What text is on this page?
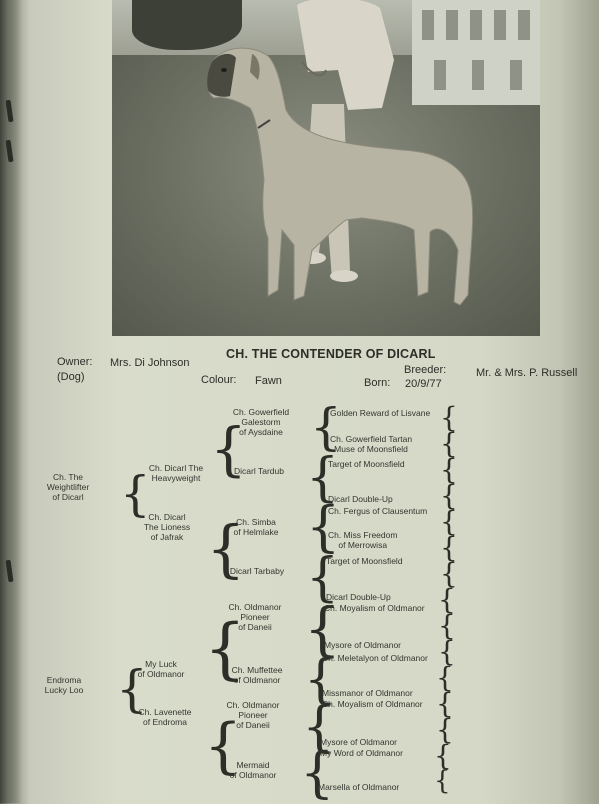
CH. THE CONTENDER OF DICARL
Owner: Mrs. Di Johnson
(Dog)	Colour: Fawn	Born: 20/9/77
Breeder:	Mr. & Mrs. P. Russell
Ch. The
Weightlifter
of Dicarl
Endroma
Lucky Loo
{
{
Ch. Dicarl The
Heavyweight
Ch. Dicarl
The Lioness
of Jafrak
My Luck
of Oldmanor
Ch. Lavenette
of Endroma
{
{
{
{
Ch. Gowerfield
Galestorm
of Aysdaine
Dicarl Tardub
Ch. Simba
of Helmlake
Dicarl Tarbaby
Ch. Oldmanor
Pioneer
of Daneii
Ch. Muffettee
of Oldmanor
Ch. Oldmanor
Pioneer
of Daneii
Mermaid
of Oldmanor
{
{
{
{
{
{
{
{
Golden Reward of Lisvane
Ch. Gowerfield Tartan
Muse of Moonsfield
Target of Moonsfield
Dicarl Double-Up
Ch. Fergus of Clausentum
Ch. Miss Freedom
of Merrowisa
Target of Moonsfield
Dicarl Double-Up
Ch. Moyalism of Oldmanor
Mysore of Oldmanor
Ch. Meletalyon of Oldmanor
Missmanor of Oldmanor
Ch. Moyalism of Oldmanor
Mysore of Oldmanor
My Word of Oldmanor
Marsella of Oldmanor
{
{
{
{
{
{
{
{
{
{
{
{
{
{
{
